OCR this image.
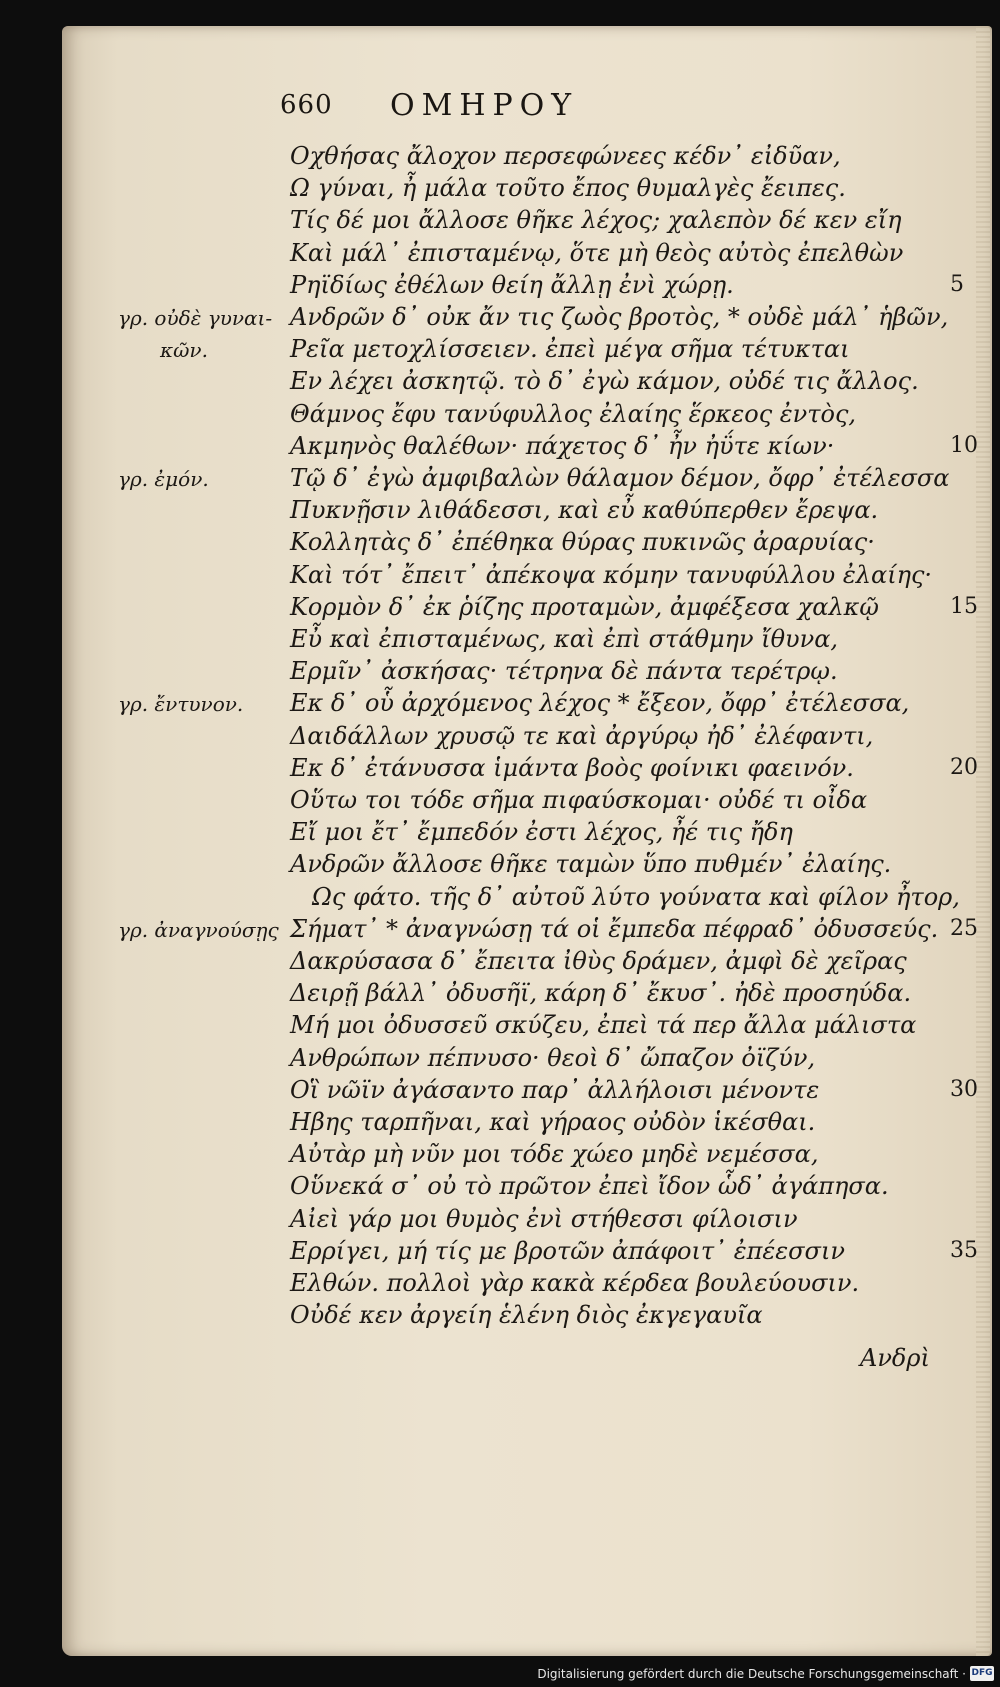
660 ΟΜΗΡΟΥ
Οχθήσας ἄλοχον περσεφώνεες κέδν᾽ εἰδῦαν,
Ω γύναι, ἦ μάλα τοῦτο ἔπος θυμαλγὲς ἔειπες.
Τίς δέ μοι ἄλλοσε θῆκε λέχος; χαλεπὸν δέ κεν εἴη
Καὶ μάλ᾽ ἐπισταμένῳ, ὅτε μὴ θεὸς αὐτὸς ἐπελθὼν
Ρηϊδίως ἐθέλων θείη ἄλλῃ ἐνὶ χώρῃ.	5
Ανδρῶν δ᾽ οὐκ ἄν τις ζωὸς βροτὸς, * οὐδὲ μάλ᾽ ἡβῶν,
Ρεῖα μετοχλίσσειεν. ἐπεὶ μέγα σῆμα τέτυκται
Εν λέχει ἀσκητῷ. τὸ δ᾽ ἐγὼ κάμον, οὐδέ τις ἄλλος.
Θάμνος ἔφυ τανύφυλλος ἐλαίης ἕρκεος ἐντὸς,
Ακμηνὸς θαλέθων· πάχετος δ᾽ ἦν ἠΰτε κίων·	10
Τῷ δ᾽ ἐγὼ ἀμφιβαλὼν θάλαμον δέμον, ὄφρ᾽ ἐτέλεσσα
Πυκνῇσιν λιθάδεσσι, καὶ εὖ καθύπερθεν ἔρεψα.
Κολλητὰς δ᾽ ἐπέθηκα θύρας πυκινῶς ἀραρυίας·
Καὶ τότ᾽ ἔπειτ᾽ ἀπέκοψα κόμην τανυφύλλου ἐλαίης·
Κορμὸν δ᾽ ἐκ ῥίζης προταμὼν, ἀμφέξεσα χαλκῷ	15
Εὖ καὶ ἐπισταμένως, καὶ ἐπὶ στάθμην ἴθυνα,
Ερμῖν᾽ ἀσκήσας· τέτρηνα δὲ πάντα τερέτρῳ.
Εκ δ᾽ οὗ ἀρχόμενος λέχος * ἔξεον, ὄφρ᾽ ἐτέλεσσα,
Δαιδάλλων χρυσῷ τε καὶ ἀργύρῳ ἠδ᾽ ἐλέφαντι,
Εκ δ᾽ ἐτάνυσσα ἱμάντα βοὸς φοίνικι φαεινόν.	20
Οὕτω τοι τόδε σῆμα πιφαύσκομαι· οὐδέ τι οἶδα
Εἴ μοι ἔτ᾽ ἔμπεδόν ἐστι λέχος, ἦέ τις ἤδη
Ανδρῶν ἄλλοσε θῆκε ταμὼν ὕπο πυθμέν᾽ ἐλαίης.
Ως φάτο. τῆς δ᾽ αὐτοῦ λύτο γούνατα καὶ φίλον ἦτορ,
Σήματ᾽ * ἀναγνώσῃ τά οἱ ἔμπεδα πέφραδ᾽ ὀδυσσεύς. 25
Δακρύσασα δ᾽ ἔπειτα ἰθὺς δράμεν, ἀμφὶ δὲ χεῖρας
Δειρῇ βάλλ᾽ ὀδυσῆϊ, κάρη δ᾽ ἔκυσ᾽. ἠδὲ προσηύδα.
Μή μοι ὀδυσσεῦ σκύζευ, ἐπεὶ τά περ ἄλλα μάλιστα
Ανθρώπων πέπνυσο· θεοὶ δ᾽ ὤπαζον ὀϊζύν,
Οἳ νῶϊν ἀγάσαντο παρ᾽ ἀλλήλοισι μένοντε	30
Ηβης ταρπῆναι, καὶ γήραος οὐδὸν ἱκέσθαι.
Αὐτὰρ μὴ νῦν μοι τόδε χώεο μηδὲ νεμέσσα,
Οὕνεκά σ᾽ οὐ τὸ πρῶτον ἐπεὶ ἴδον ὧδ᾽ ἀγάπησα.
Αἰεὶ γάρ μοι θυμὸς ἐνὶ στήθεσσι φίλοισιν
Ερρίγει, μή τίς με βροτῶν ἀπάφοιτ᾽ ἐπέεσσιν	35
Ελθών. πολλοὶ γὰρ κακὰ κέρδεα βουλεύουσιν.
Οὐδέ κεν ἀργείη ἑλένη διὸς ἐκγεγαυῖα
γρ. οὐδὲ γυναι-
κῶν.
γρ. ἐμόν.
γρ. ἔντυνον.
γρ. ἀναγνούσῃς
Ανδρὶ
Digitalisierung gefördert durch die Deutsche Forschungsgemeinschaft · DFG
